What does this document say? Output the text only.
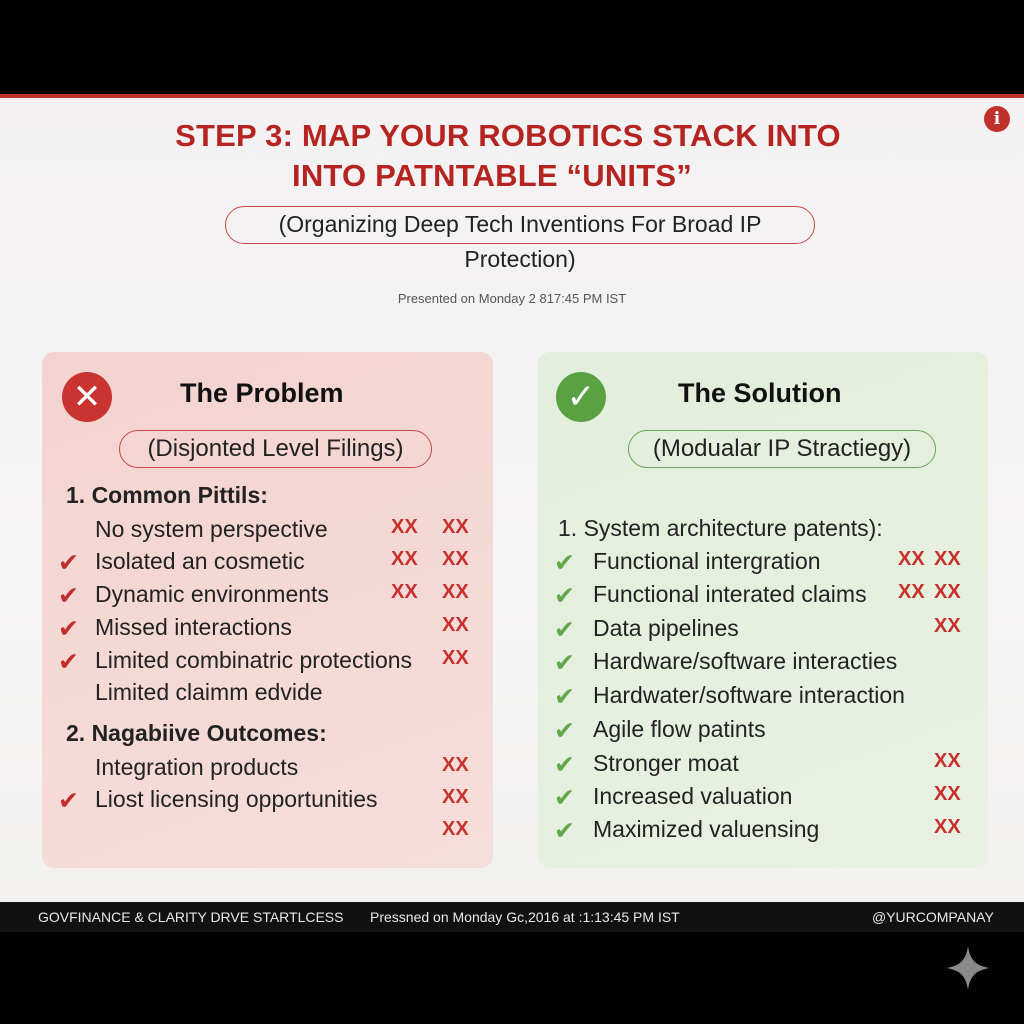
STEP 3: MAP YOUR ROBOTICS STACK INTO
INTO PATNTABLE “UNITS”
i
(Organizing Deep Tech Inventions For Broad IP Protection)
Presented on Monday 2 817:45 PM IST
✕	The Problem
(Disjonted Level Filings)
1. Common Pittils:
No system perspective	XX XX
✔ Isolated an cosmetic	XX XX
✔ Dynamic environments	XX XX
✔ Missed interactions	XX
✔ Limited combinatric protections XX
Limited claimm edvide
2. Nagabiive Outcomes:
Integration products	XX
✔ Liost licensing opportunities	XX
XX
✓	The Solution
(Modualar IP Stractiegy)
1. System architecture patents):
✔ Functional intergration	XX XX
✔ Functional interated claims XX XX
✔ Data pipelines	XX
✔ Hardware/software interacties
✔ Hardwater/software interaction
✔ Agile flow patints
✔ Stronger moat	XX
✔ Increased valuation	XX
✔ Maximized valuensing	XX
GOVFINANCE & CLARITY DRVE STARTLCESS Pressned on Monday Gc,2016 at :1:13:45 PM IST	@YURCOMPANAY
